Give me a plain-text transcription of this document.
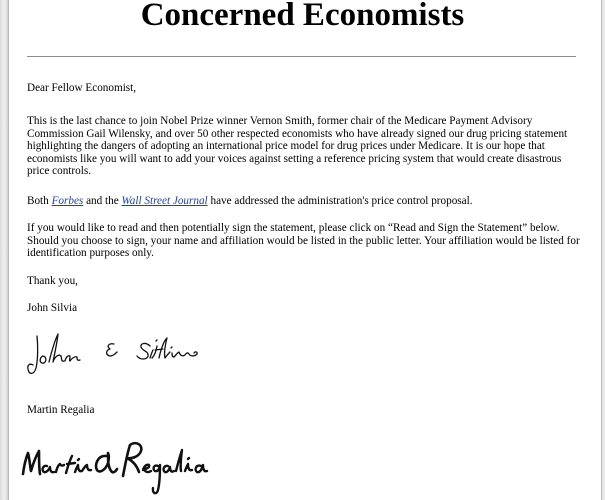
Concerned Economists

Dear Fellow Economist,

This is the last chance to join Nobel Prize winner Vernon Smith, former chair of the Medicare Payment Advisory Commission Gail Wilensky, and over 50 other respected economists who have already signed our drug pricing statement highlighting the dangers of adopting an international price model for drug prices under Medicare. It is our hope that economists like you will want to add your voices against setting a reference pricing system that would create disastrous price controls.

Both Forbes and the Wall Street Journal have addressed the administration's price control proposal.

If you would like to read and then potentially sign the statement, please click on “Read and Sign the Statement” below. Should you choose to sign, your name and affiliation would be listed in the public letter. Your affiliation would be listed for identification purposes only.

Thank you,

John Silvia

Martin Regalia
